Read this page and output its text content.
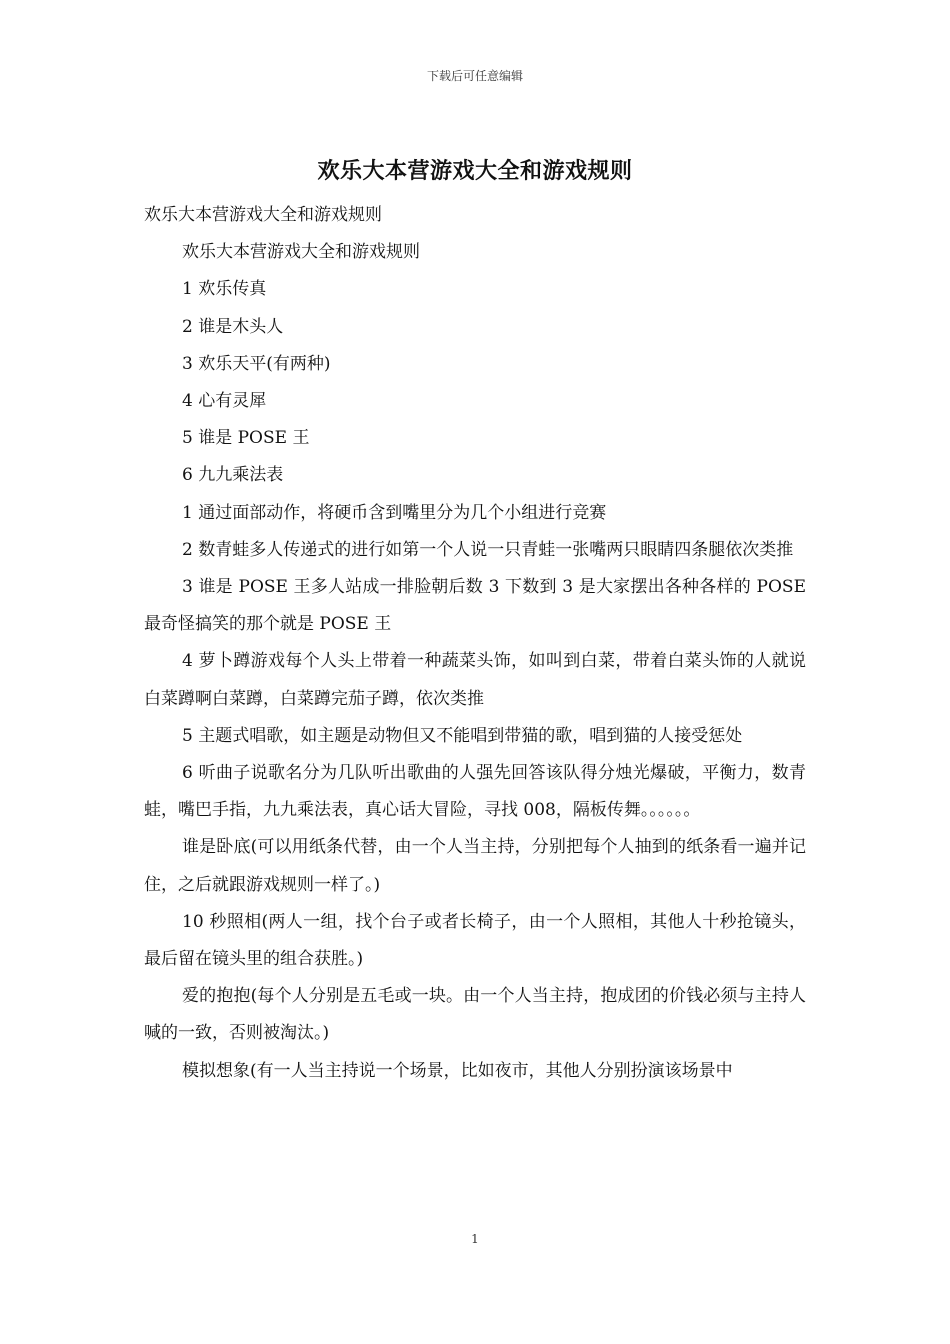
下载后可任意编辑
欢乐大本营游戏大全和游戏规则

欢乐大本营游戏大全和游戏规则

欢乐大本营游戏大全和游戏规则

1 欢乐传真

2 谁是木头人

3 欢乐天平(有两种)

4 心有灵犀

5 谁是 POSE 王

6 九九乘法表

1 通过面部动作，将硬币含到嘴里分为几个小组进行竞赛

2 数青蛙多人传递式的进行如第一个人说一只青蛙一张嘴两只眼睛四条腿依次类推

3 谁是 POSE 王多人站成一排脸朝后数 3 下数到 3 是大家摆出各种各样的 POSE 最奇怪搞笑的那个就是 POSE 王

4 萝卜蹲游戏每个人头上带着一种蔬菜头饰，如叫到白菜，带着白菜头饰的人就说白菜蹲啊白菜蹲，白菜蹲完茄子蹲，依次类推

5 主题式唱歌，如主题是动物但又不能唱到带猫的歌，唱到猫的人接受惩处

6 听曲子说歌名分为几队听出歌曲的人强先回答该队得分烛光爆破，平衡力，数青蛙，嘴巴手指，九九乘法表，真心话大冒险，寻找 008，隔板传舞。。。。。。

谁是卧底(可以用纸条代替，由一个人当主持，分别把每个人抽到的纸条看一遍并记住，之后就跟游戏规则一样了。)

10 秒照相(两人一组，找个台子或者长椅子，由一个人照相，其他人十秒抢镜头，最后留在镜头里的组合获胜。)

爱的抱抱(每个人分别是五毛或一块。由一个人当主持，抱成团的价钱必须与主持人喊的一致，否则被淘汰。)

模拟想象(有一人当主持说一个场景，比如夜市，其他人分别扮演该场景中

1
